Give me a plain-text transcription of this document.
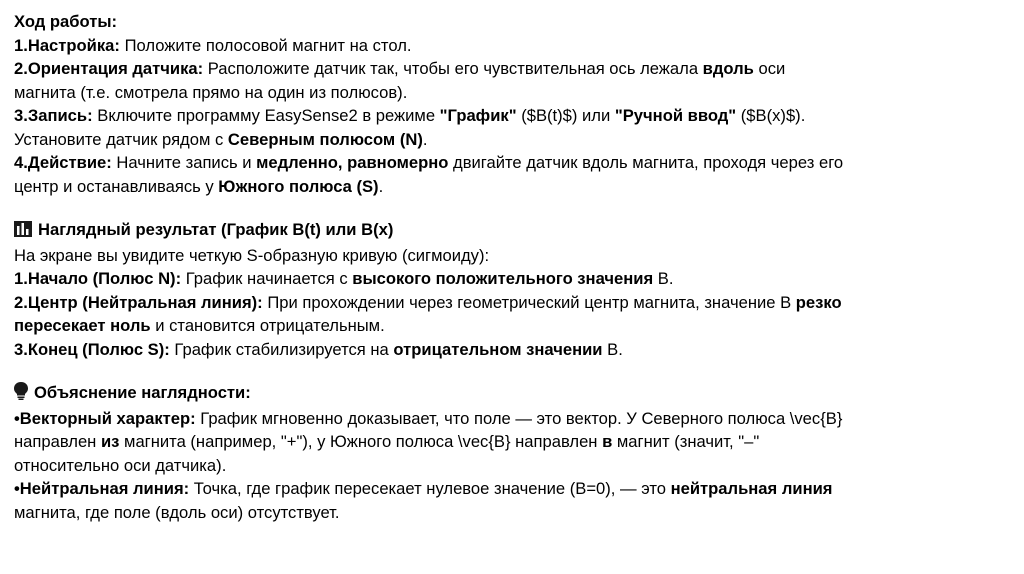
Ход работы:
1.Настройка: Положите полосовой магнит на стол.
2.Ориентация датчика: Расположите датчик так, чтобы его чувствительная ось лежала вдоль оси
магнита (т.е. смотрела прямо на один из полюсов).
3.Запись: Включите программу EasySense2 в режиме "График" ($B(t)$) или "Ручной ввод" ($B(x)$).
Установите датчик рядом с Северным полюсом (N).
4.Действие: Начните запись и медленно, равномерно двигайте датчик вдоль магнита, проходя через его
центр и останавливаясь у Южного полюса (S).
Наглядный результат (График B(t) или B(x)
На экране вы увидите четкую S-образную кривую (сигмоиду):
1.Начало (Полюс N): График начинается с высокого положительного значения B.
2.Центр (Нейтральная линия): При прохождении через геометрический центр магнита, значение B резко
пересекает ноль и становится отрицательным.
3.Конец (Полюс S): График стабилизируется на отрицательном значении B.
Объяснение наглядности:
•Векторный характер: График мгновенно доказывает, что поле — это вектор. У Северного полюса \vec{B}
направлен из магнита (например, "+"), у Южного полюса \vec{B} направлен в магнит (значит, "–"
относительно оси датчика).
•Нейтральная линия: Точка, где график пересекает нулевое значение (B=0), — это нейтральная линия
магнита, где поле (вдоль оси) отсутствует.
